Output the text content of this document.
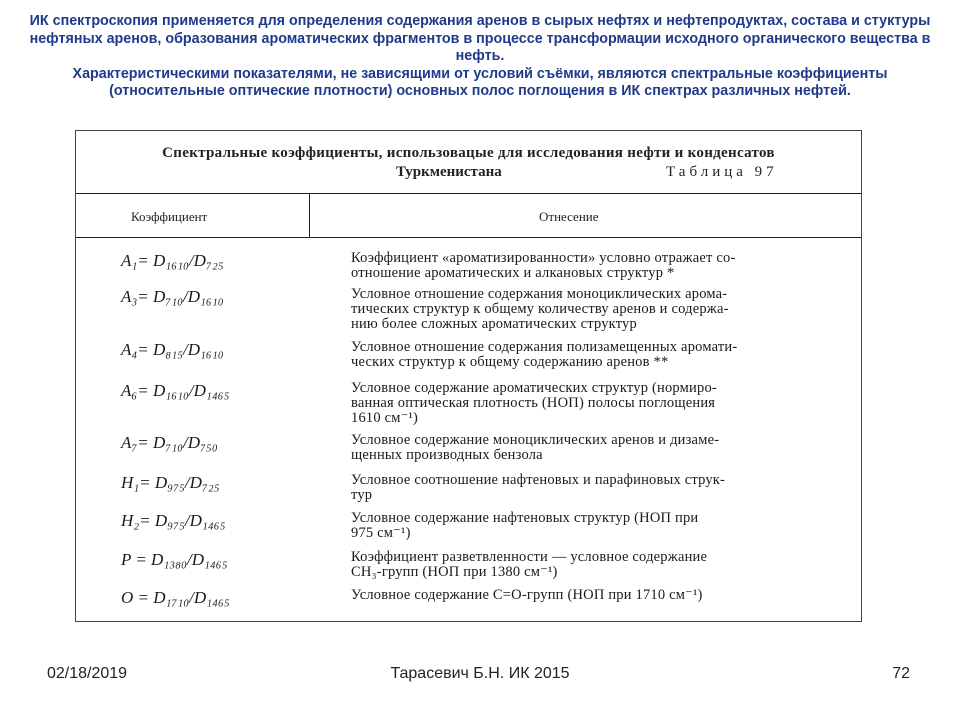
ИК спектроскопия применяется для определения содержания аренов в сырых нефтях и нефтепродуктах, состава и стуктуры нефтяных аренов, образования ароматических фрагментов в процессе трансформации исходного органического вещества в нефть.

Характеристическими показателями, не зависящими от условий съёмки, являются спектральные коэффициенты (относительные оптические плотности) основных полос поглощения в ИК спектрах различных нефтей.

Спектральные коэффициенты, использовацые для исследования нефти и конденсатов
Туркменистана	Таблица 97
Коэффициент	Отнесение
A₁= D₁₆₁₀/D₇₂₅	Коэффициент «ароматизированности» условно отражает со-
отношение ароматических и алкановых структур *
A₃= D₇₁₀/D₁₆₁₀	Условное отношение содержания моноциклических арома-
тических структур к общему количеству аренов и содержа-
нию более сложных ароматических структур
A₄= D₈₁₅/D₁₆₁₀	Условное отношение содержания полизамещенных аромати-
ческих структур к общему содержанию аренов **
A₆= D₁₆₁₀/D₁₄₆₅	Условное содержание ароматических структур (нормиро-
ванная оптическая плотность (НОП) полосы поглощения
1610 см⁻¹)
A₇= D₇₁₀/D₇₅₀	Условное содержание моноциклических аренов и дизаме-
щенных производных бензола
H₁= D₉₇₅/D₇₂₅	Условное соотношение нафтеновых и парафиновых струк-
тур
H₂= D₉₇₅/D₁₄₆₅	Условное содержание нафтеновых структур (НОП при
975 см⁻¹)
P = D₁₃₈₀/D₁₄₆₅	Коэффициент разветвленности — условное содержание
CH₃-групп (НОП при 1380 см⁻¹)
O = D₁₇₁₀/D₁₄₆₅	Условное содержание C=O-групп (НОП при 1710 см⁻¹)
02/18/2019	Тарасевич Б.Н. ИК 2015	72
